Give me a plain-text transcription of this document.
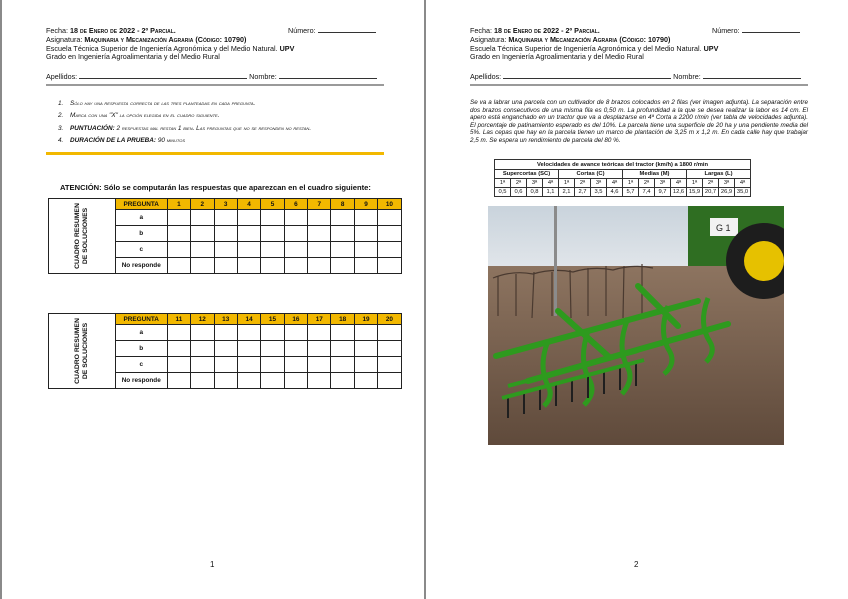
Fecha: 18 de Enero de 2022 - 2º Parcial.	Número:
Asignatura: Maquinaria y Mecanización Agraria (Código: 10790)
Escuela Técnica Superior de Ingeniería Agronómica y del Medio Natural. UPV
Grado en Ingeniería Agroalimentaria y del Medio Rural
Apellidos:	Nombre:
1. Sólo hay una respuesta correcta de las tres planteadas en cada pregunta.
2. Marca con una "X" la opción elegida en el cuadro siguiente.
3. PUNTUACIÓN: 2 respuestas mal restan 1 bien. Las preguntas que no se responden no restan.
4. DURACIÓN DE LA PRUEBA: 90 minutos
ATENCIÓN: Sólo se computarán las respuestas que aparezcan en el cuadro siguiente:
CUADRO RESUMEN
DE SOLUCIONES	PREGUNTA	1	2	3	4	5	6	7	8	9	10
	a										
	b										
	c										
	No responde										
CUADRO RESUMEN
DE SOLUCIONES	PREGUNTA	11	12	13	14	15	16	17	18	19	20
	a										
	b										
	c										
	No responde										
1
Fecha: 18 de Enero de 2022 - 2º Parcial.	Número:
Asignatura: Maquinaria y Mecanización Agraria (Código: 10790)
Escuela Técnica Superior de Ingeniería Agronómica y del Medio Natural. UPV
Grado en Ingeniería Agroalimentaria y del Medio Rural
Apellidos:	Nombre:
Se va a labrar una parcela con un cultivador de 8 brazos colocados en 2 filas (ver imagen adjunta). La separación entre dos brazos consecutivos de una misma fila es 0,50 m. La profundidad a la que se desea realizar la labor es 14 cm. El apero está enganchado en un tractor que va a desplazarse en 4ª Corta a 2200 r/min (ver tabla de velocidades adjunta). El porcentaje de patinamiento esperado es del 10%. La parcela tiene una superficie de 20 ha y una pendiente media del 5%. Las cepas que hay en la parcela tienen un marco de plantación de 3,25 m x 1,2 m. En cada calle hay que trabajar 2,5 m. Se espera un rendimiento de parcela del 80 %.
Velocidades de avance teóricas del tractor (km/h) a 1800 r/min															
Supercortas (SC)				Cortas (C)				Medias (M)				Largas (L)			
1ª	2ª	3ª	4ª	1ª	2ª	3ª	4ª	1ª	2ª	3ª	4ª	1ª	2ª	3ª	4ª
0,5	0,6	0,8	1,1	2,1	2,7	3,5	4,6	5,7	7,4	9,7	12,6	15,9	20,7	26,9	35,0
G 1
2
